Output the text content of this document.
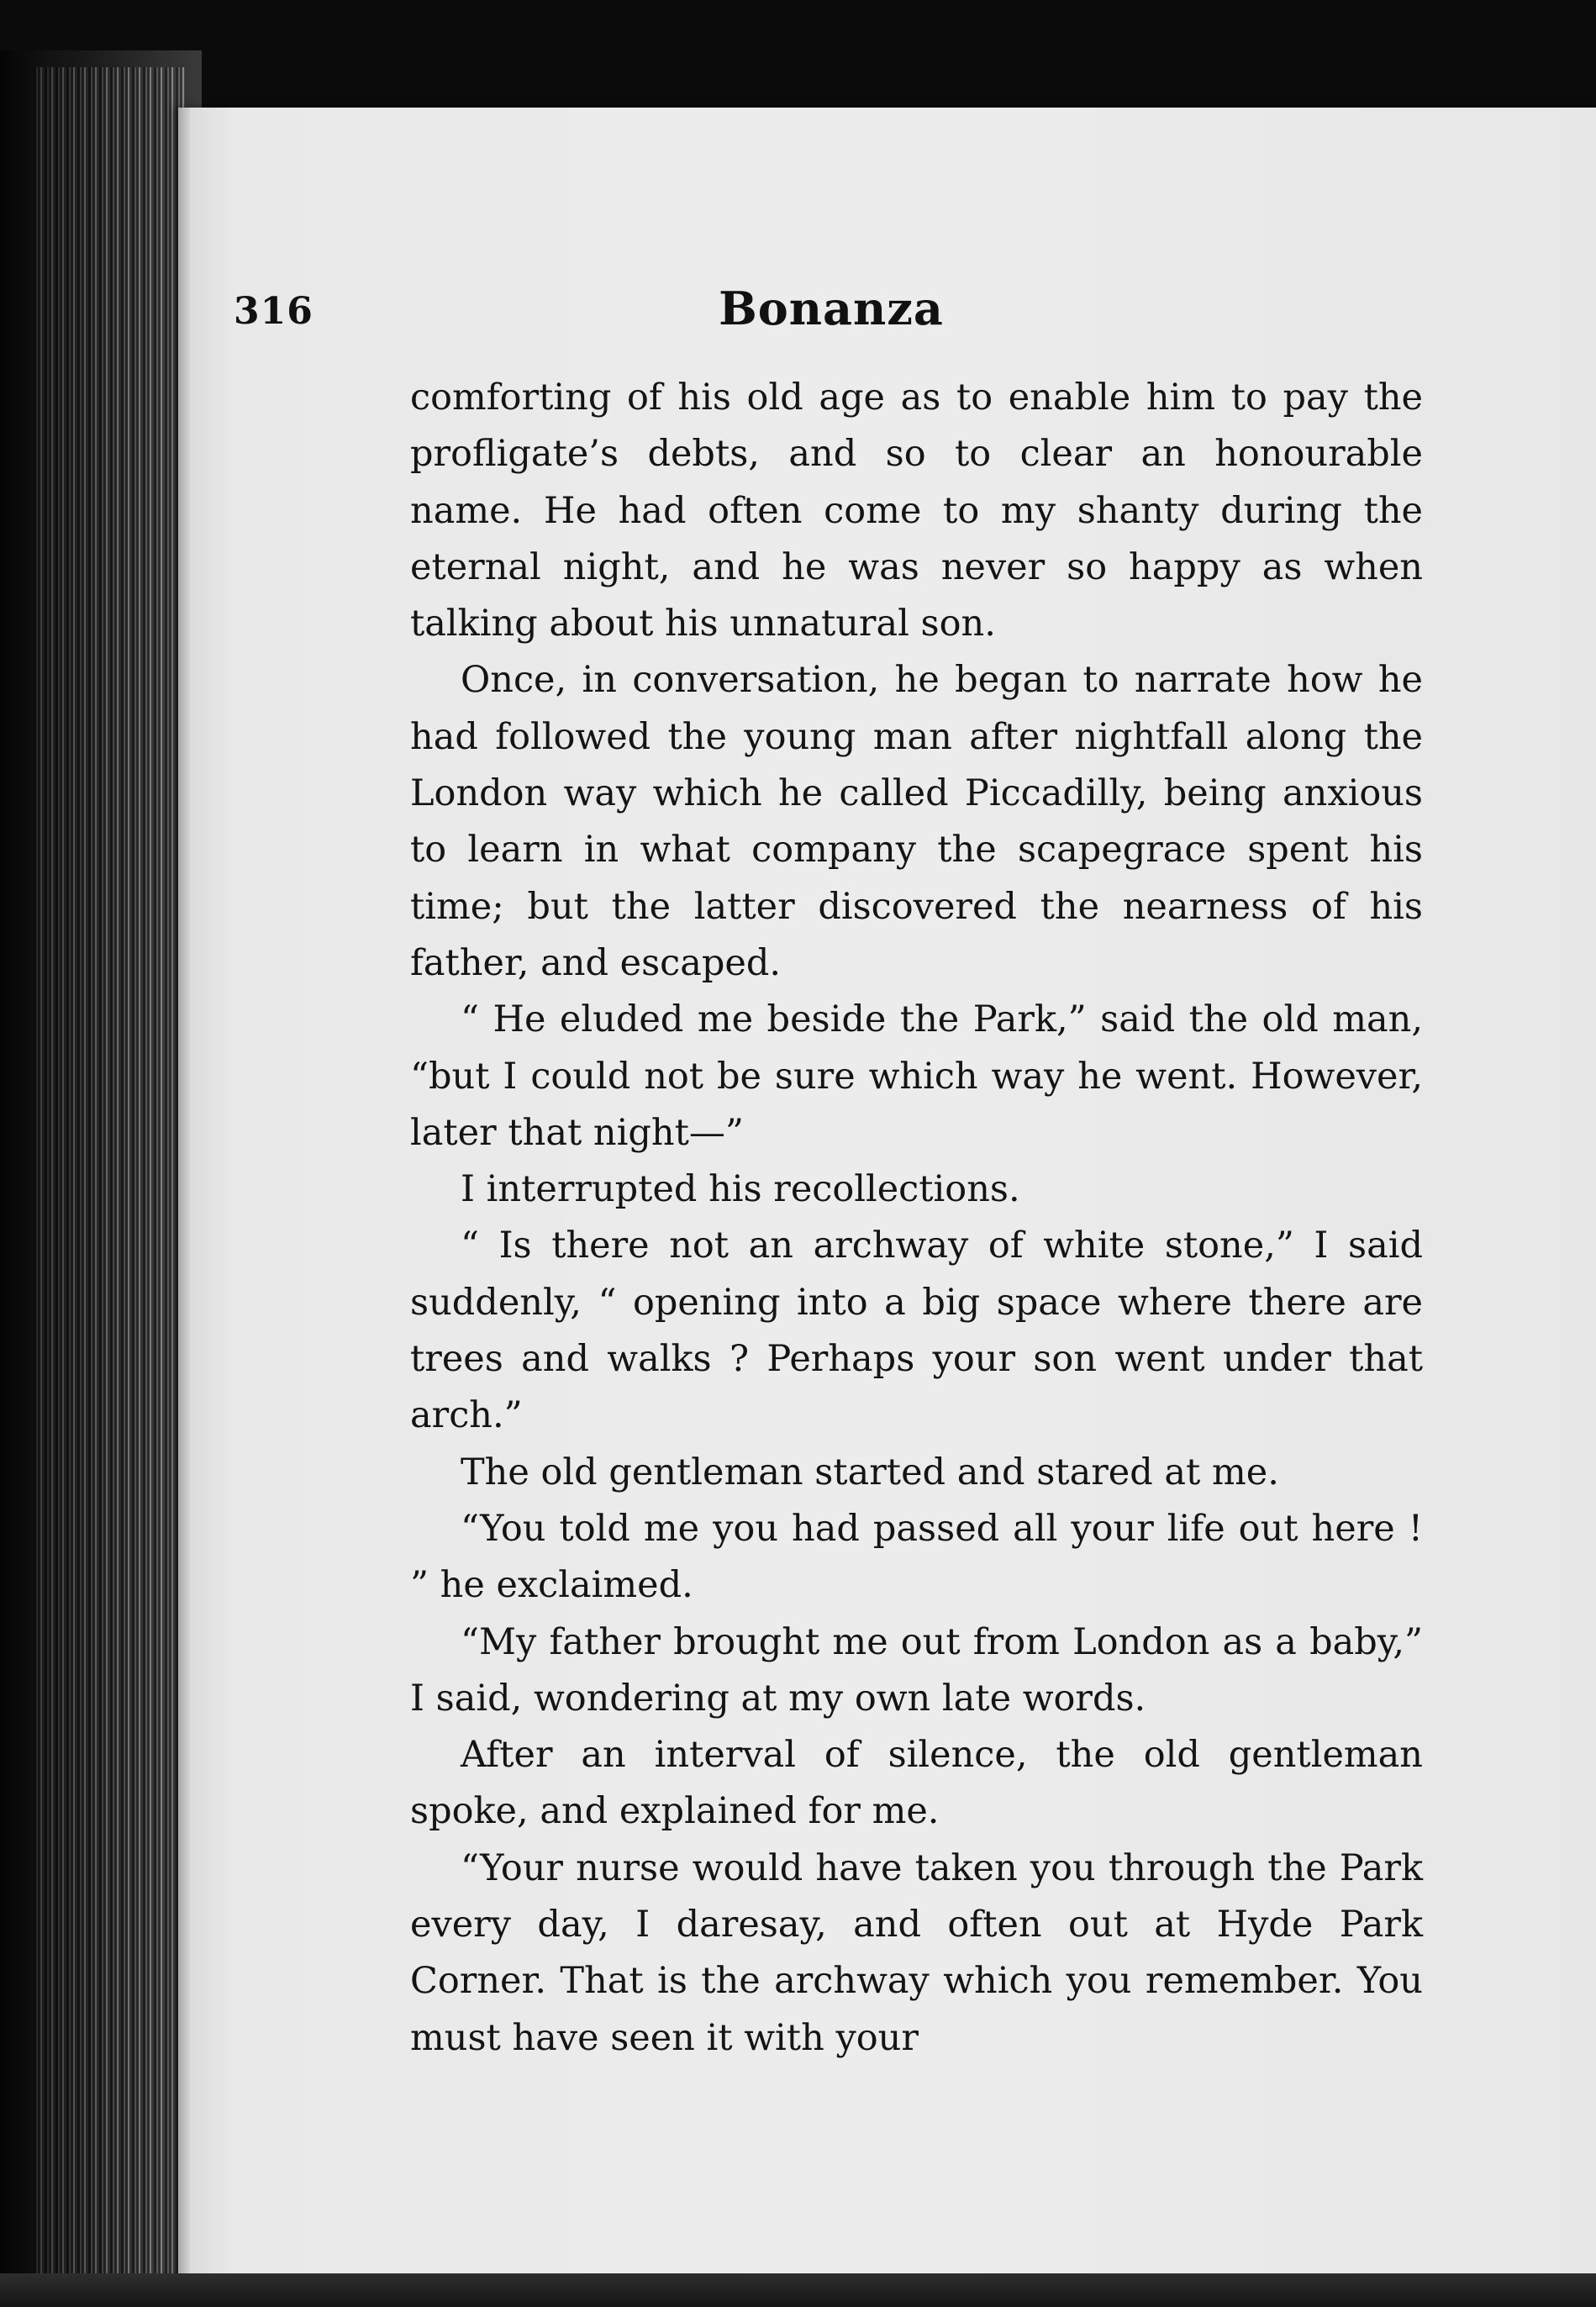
316	Bonanza

comforting of his old age as to enable him to pay the profligate’s debts, and so to clear an honourable name. He had often come to my shanty during the eternal night, and he was never so happy as when talking about his unnatural son.

Once, in conversation, he began to narrate how he had followed the young man after nightfall along the London way which he called Piccadilly, being anxious to learn in what company the scapegrace spent his time; but the latter discovered the nearness of his father, and escaped.

“ He eluded me beside the Park,” said the old man, “but I could not be sure which way he went. However, later that night—”

I interrupted his recollections.

“ Is there not an archway of white stone,” I said suddenly, “ opening into a big space where there are trees and walks ? Perhaps your son went under that arch.”

The old gentleman started and stared at me.

“You told me you had passed all your life out here ! ” he exclaimed.

“My father brought me out from London as a baby,” I said, wondering at my own late words.

After an interval of silence, the old gentleman spoke, and explained for me.

“Your nurse would have taken you through the Park every day, I daresay, and often out at Hyde Park Corner. That is the archway which you remember. You must have seen it with your
